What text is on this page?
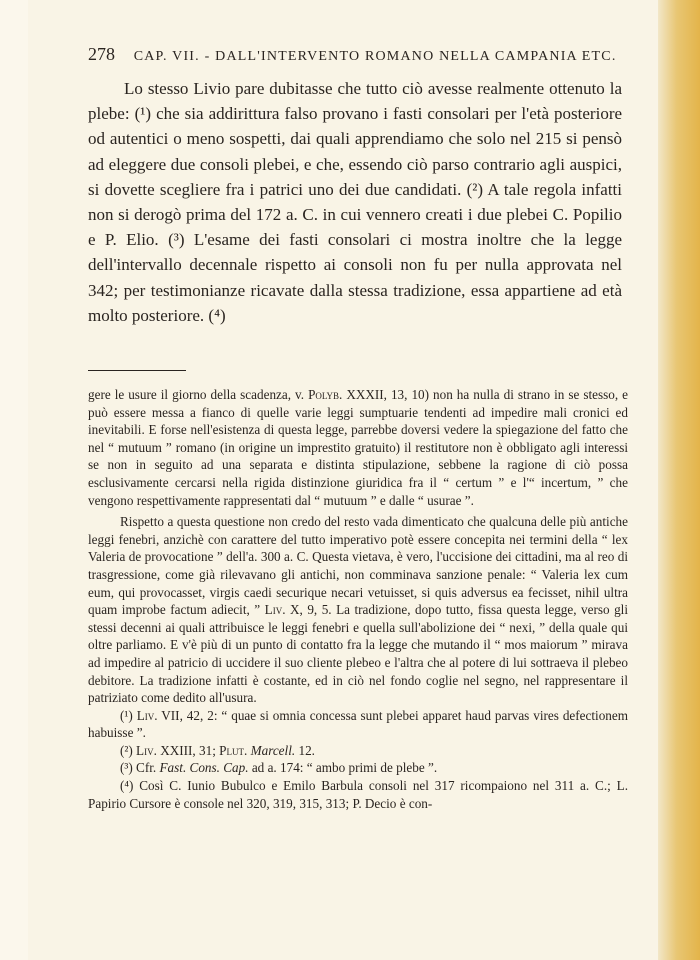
278 CAP. VII. - DALL'INTERVENTO ROMANO NELLA CAMPANIA ETC.

Lo stesso Livio pare dubitasse che tutto ciò avesse realmente ottenuto la plebe: (¹) che sia addirittura falso provano i fasti consolari per l'età posteriore od autentici o meno sospetti, dai quali apprendiamo che solo nel 215 si pensò ad eleggere due consoli plebei, e che, essendo ciò parso contrario agli auspici, si dovette scegliere fra i patrici uno dei due candidati. (²) A tale regola infatti non si derogò prima del 172 a. C. in cui vennero creati i due plebei C. Popilio e P. Elio. (³) L'esame dei fasti consolari ci mostra inoltre che la legge dell'intervallo decennale rispetto ai consoli non fu per nulla approvata nel 342; per testimonianze ricavate dalla stessa tradizione, essa appartiene ad età molto posteriore. (⁴)

gere le usure il giorno della scadenza, v. Polyb. XXXII, 13, 10) non ha nulla di strano in se stesso, e può essere messa a fianco di quelle varie leggi sumptuarie tendenti ad impedire mali cronici ed inevitabili. E forse nell'esistenza di questa legge, parrebbe doversi vedere la spiegazione del fatto che nel “ mutuum ” romano (in origine un imprestito gratuito) il restitutore non è obbligato agli interessi se non in seguito ad una separata e distinta stipulazione, sebbene la ragione di ciò possa esclusivamente cercarsi nella rigida distinzione giuridica fra il “ certum ” e l'“ incertum, ” che vengono respettivamente rappresentati dal “ mutuum ” e dalle “ usurae ”.

Rispetto a questa questione non credo del resto vada dimenticato che qualcuna delle più antiche leggi fenebri, anzichè con carattere del tutto imperativo potè essere concepita nei termini della “ lex Valeria de provocatione ” dell'a. 300 a. C. Questa vietava, è vero, l'uccisione dei cittadini, ma al reo di trasgressione, come già rilevavano gli antichi, non comminava sanzione penale: “ Valeria lex cum eum, qui provocasset, virgis caedi securique necari vetuisset, si quis adversus ea fecisset, nihil ultra quam improbe factum adiecit, ” Liv. X, 9, 5. La tradizione, dopo tutto, fissa questa legge, verso gli stessi decenni ai quali attribuisce le leggi fenebri e quella sull'abolizione dei “ nexi, ” della quale qui oltre parliamo. E v'è più di un punto di contatto fra la legge che mutando il “ mos maiorum ” mirava ad impedire al patricio di uccidere il suo cliente plebeo e l'altra che al potere di lui sottraeva il plebeo debitore. La tradizione infatti è costante, ed in ciò nel fondo coglie nel segno, nel rappresentare il patriziato come dedito all'usura.

(¹) Liv. VII, 42, 2: “ quae si omnia concessa sunt plebei apparet haud parvas vires defectionem habuisse ”.

(²) Liv. XXIII, 31; Plut. Marcell. 12.

(³) Cfr. Fast. Cons. Cap. ad a. 174: “ ambo primi de plebe ”.

(⁴) Così C. Iunio Bubulco e Emilo Barbula consoli nel 317 ricompaiono nel 311 a. C.; L. Papirio Cursore è console nel 320, 319, 315, 313; P. Decio è con-
